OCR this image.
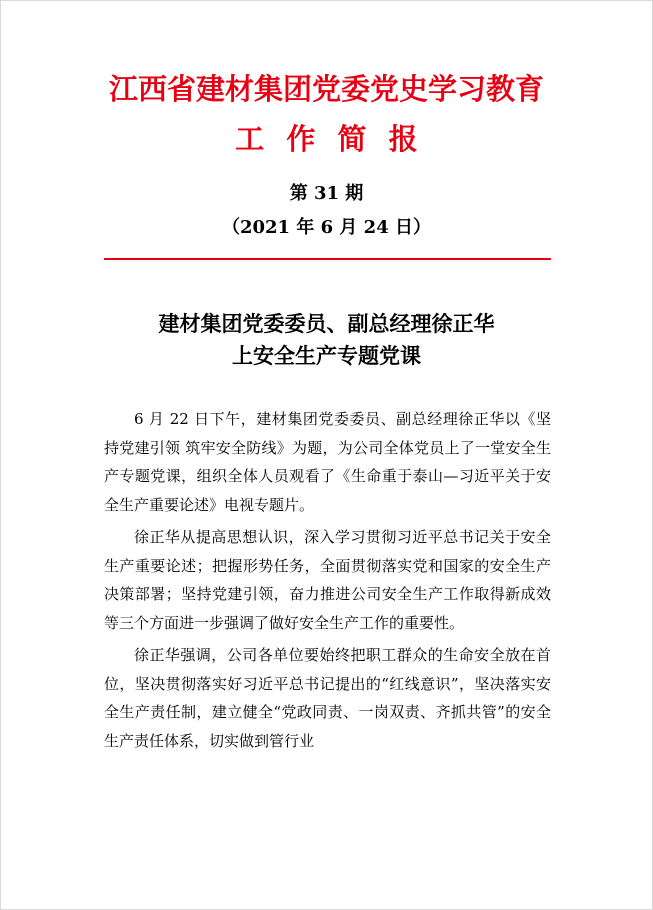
江西省建材集团党委党史学习教育
工 作 简 报
第 31 期
（2021 年 6 月 24 日）
建材集团党委委员、副总经理徐正华
上安全生产专题党课

6 月 22 日下午，建材集团党委委员、副总经理徐正华以《坚持党建引领 筑牢安全防线》为题，为公司全体党员上了一堂安全生产专题党课，组织全体人员观看了《生命重于泰山—习近平关于安全生产重要论述》电视专题片。

徐正华从提高思想认识，深入学习贯彻习近平总书记关于安全生产重要论述；把握形势任务，全面贯彻落实党和国家的安全生产决策部署；坚持党建引领，奋力推进公司安全生产工作取得新成效等三个方面进一步强调了做好安全生产工作的重要性。

徐正华强调，公司各单位要始终把职工群众的生命安全放在首位，坚决贯彻落实好习近平总书记提出的“红线意识”，坚决落实安全生产责任制，建立健全“党政同责、一岗双责、齐抓共管”的安全生产责任体系，切实做到管行业
